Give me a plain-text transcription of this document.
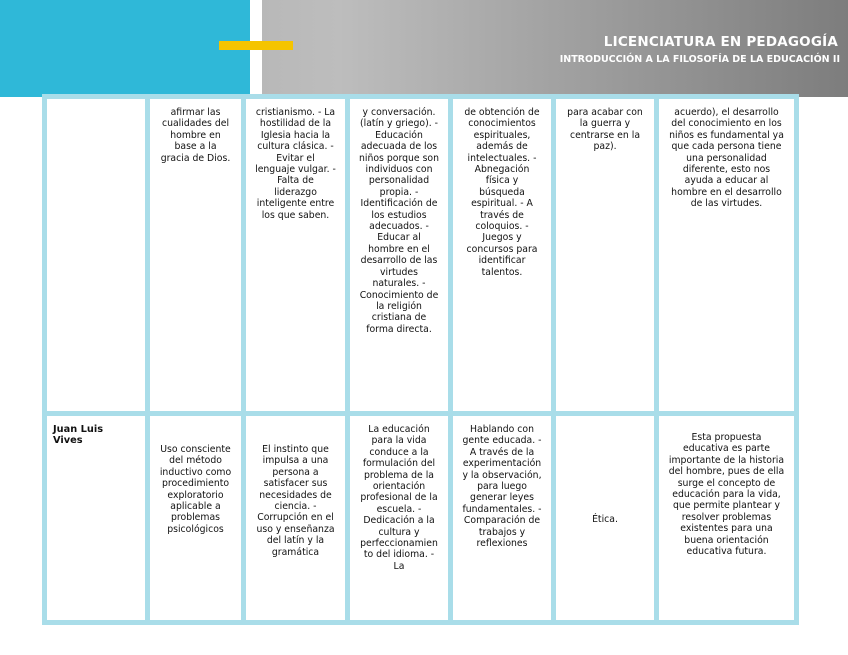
LICENCIATURA EN PEDAGOGÍA
INTRODUCCIÓN A LA FILOSOFÍA DE LA EDUCACIÓN II
	afirmar las cualidades del hombre en base a la gracia de Dios.	cristianismo. - La hostilidad de la Iglesia hacia la cultura clásica. - Evitar el lenguaje vulgar. - Falta de liderazgo inteligente entre los que saben.	y conversación. (latín y griego). - Educación adecuada de los niños porque son individuos con personalidad propia. - Identificación de los estudios adecuados. - Educar al hombre en el desarrollo de las virtudes naturales. - Conocimiento de la religión cristiana de forma directa.	de obtención de conocimientos espirituales, además de intelectuales. - Abnegación física y búsqueda espiritual. - A través de coloquios. - Juegos y concursos para identificar talentos.	para acabar con la guerra y centrarse en la paz).	acuerdo), el desarrollo del conocimiento en los niños es fundamental ya que cada persona tiene una personalidad diferente, esto nos ayuda a educar al hombre en el desarrollo de las virtudes.
Juan Luis Vives	Uso consciente del método inductivo como procedimiento exploratorio aplicable a problemas psicológicos	El instinto que impulsa a una persona a satisfacer sus necesidades de ciencia. - Corrupción en el uso y enseñanza del latín y la gramática	La educación para la vida conduce a la formulación del problema de la orientación profesional de la escuela. - Dedicación a la cultura y perfeccionamiento del idioma. -La	Hablando con gente educada. - A través de la experimentación y la observación, para luego generar leyes fundamentales. - Comparación de trabajos y reflexiones	Ética.	Esta propuesta educativa es parte importante de la historia del hombre, pues de ella surge el concepto de educación para la vida, que permite plantear y resolver problemas existentes para una buena orientación educativa futura.
